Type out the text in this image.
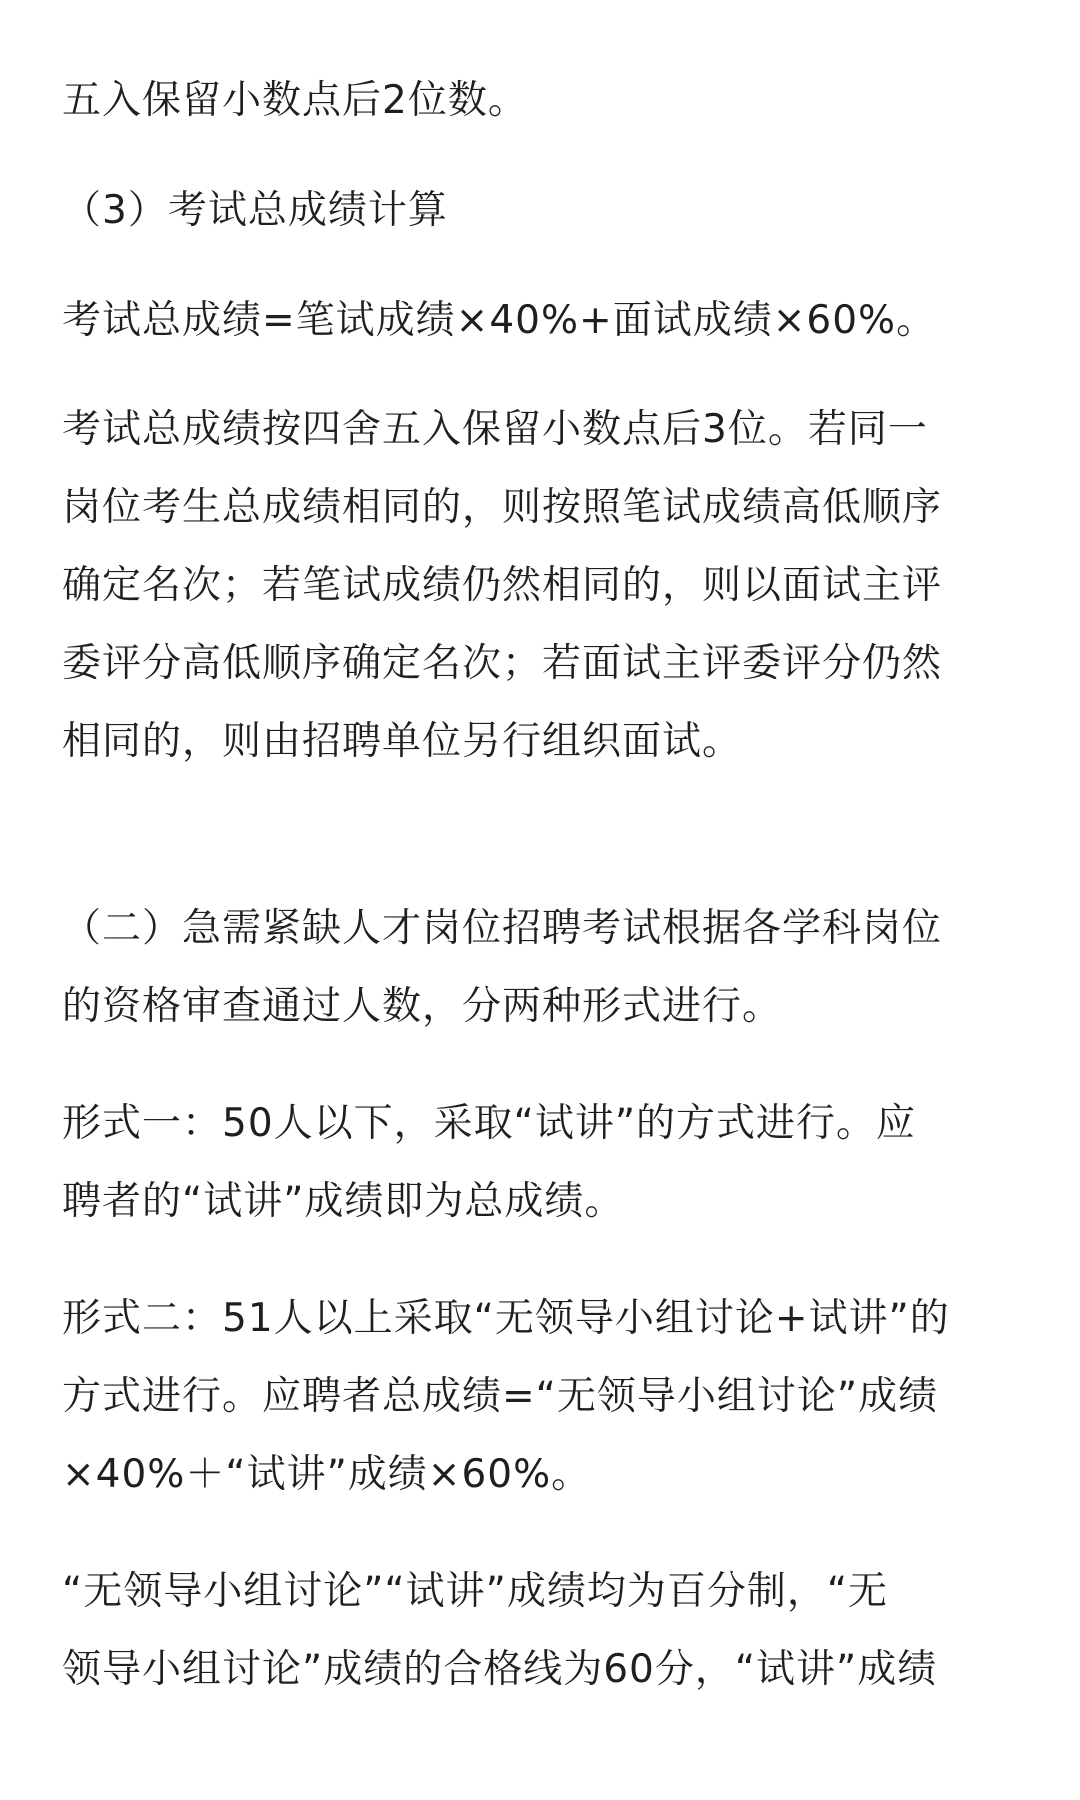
五入保留小数点后2位数。

（3）考试总成绩计算

考试总成绩=笔试成绩×40%+面试成绩×60%。

考试总成绩按四舍五入保留小数点后3位。若同一
岗位考生总成绩相同的，则按照笔试成绩高低顺序
确定名次；若笔试成绩仍然相同的，则以面试主评
委评分高低顺序确定名次；若面试主评委评分仍然
相同的，则由招聘单位另行组织面试。

（二）急需紧缺人才岗位招聘考试根据各学科岗位
的资格审查通过人数，分两种形式进行。

形式一：50人以下，采取“试讲”的方式进行。应
聘者的“试讲”成绩即为总成绩。

形式二：51人以上采取“无领导小组讨论+试讲”的
方式进行。应聘者总成绩=“无领导小组讨论”成绩
×40%＋“试讲”成绩×60%。

“无领导小组讨论”“试讲”成绩均为百分制，“无
领导小组讨论”成绩的合格线为60分，“试讲”成绩
